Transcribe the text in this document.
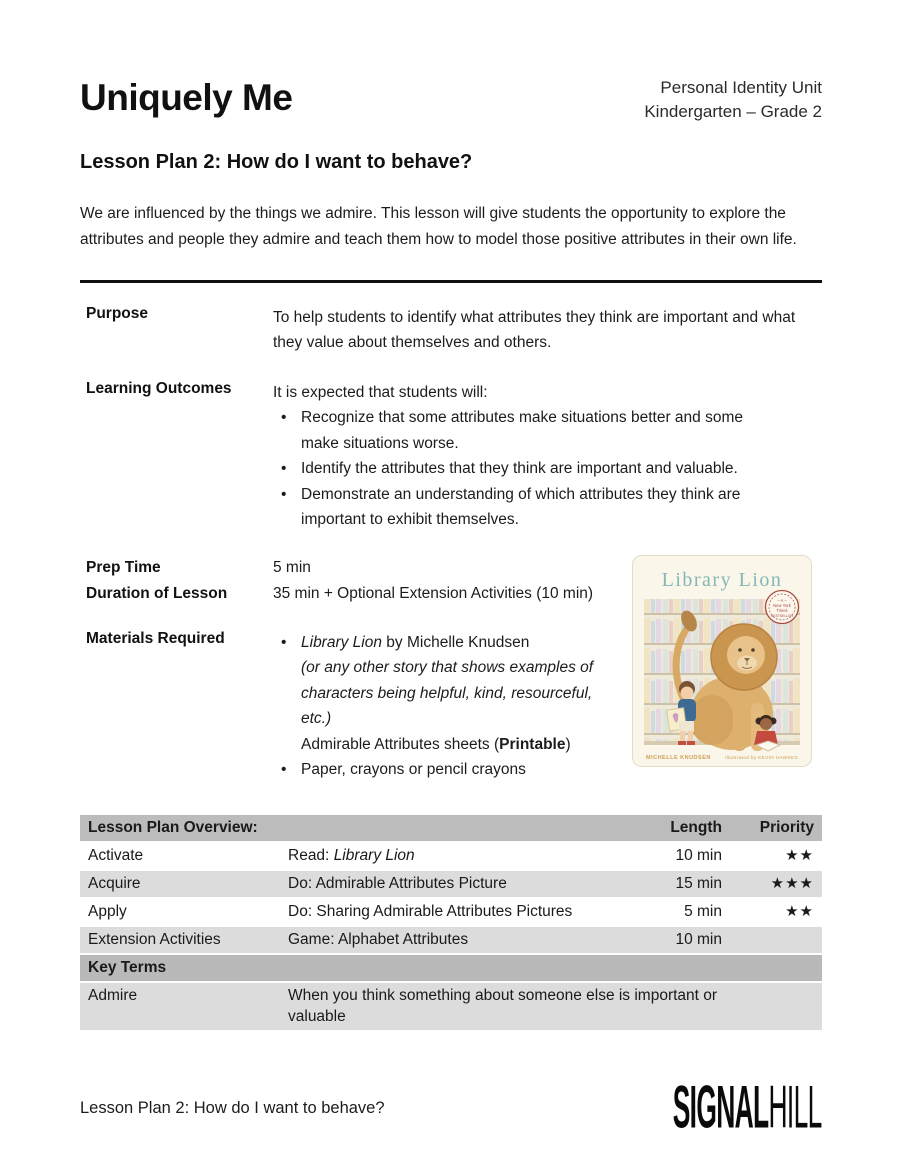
Uniquely Me	Personal Identity Unit
Kindergarten – Grade 2
Lesson Plan 2: How do I want to behave?

We are influenced by the things we admire. This lesson will give students the opportunity to explore the attributes and people they admire and teach them how to model those positive attributes in their own life.

Purpose	To help students to identify what attributes they think are important and what they value about themselves and others.
Learning Outcomes	It is expected that students will:
• Recognize that some attributes make situations better and some make situations worse.
• Identify the attributes that they think are important and valuable.
• Demonstrate an understanding of which attributes they think are important to exhibit themselves.
Prep Time	5 min
Duration of Lesson	35 min + Optional Extension Activities (10 min)
Materials Required	• Library Lion by Michelle Knudsen
(or any other story that shows examples of characters being helpful, kind, resourceful, etc.)
Admirable Attributes sheets (Printable)
• Paper, crayons or pencil crayons
Library Lion
– A –
New York
Times
BESTSELLER
MICHELLE KNUDSEN	illustrated by KEVIN HAWKES
Lesson Plan Overview:	Length	Priority
Activate	Read: Library Lion	10 min	★★
Acquire	Do: Admirable Attributes Picture	15 min	★★★
Apply	Do: Sharing Admirable Attributes Pictures	5 min	★★
Extension Activities	Game: Alphabet Attributes	10 min
Key Terms
Admire	When you think something about someone else is important or valuable
Lesson Plan 2: How do I want to behave?	SIGNAL HILL
